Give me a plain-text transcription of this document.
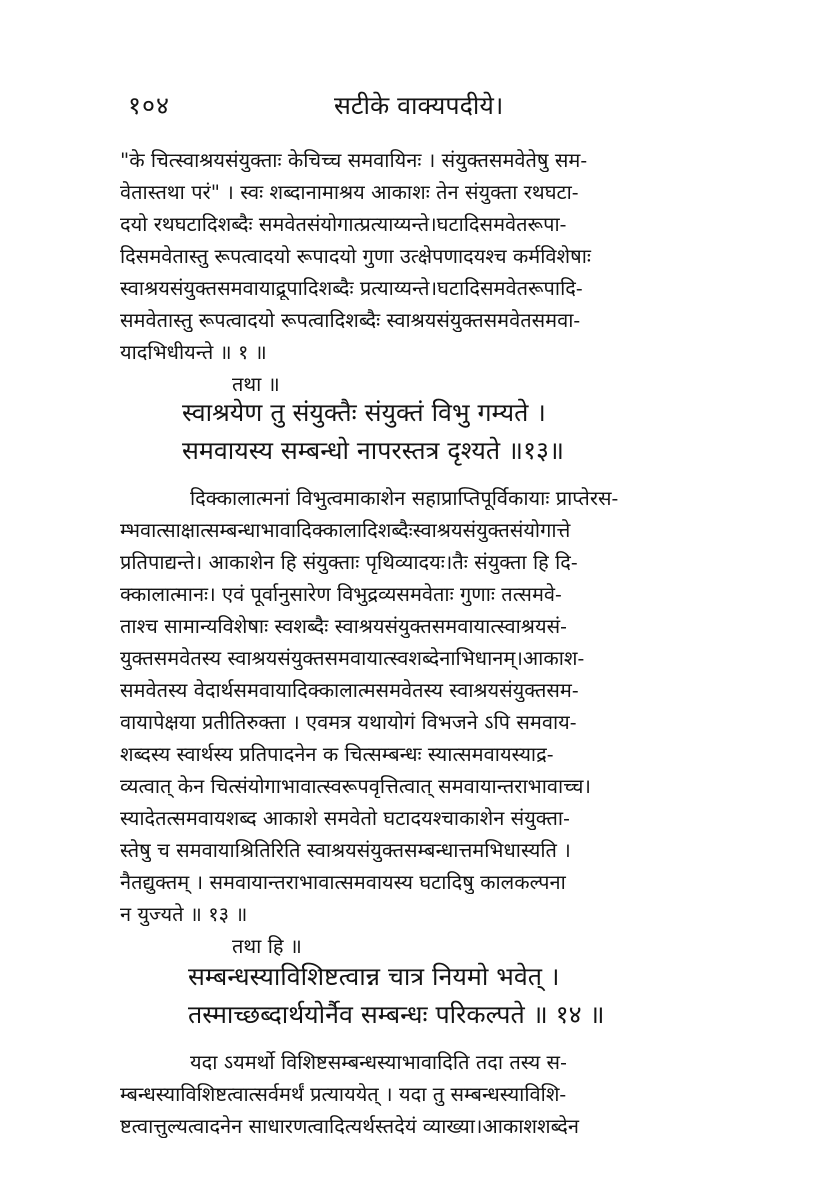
१०४	सटीके वाक्यपदीये।
"के चित्स्वाश्रयसंयुक्ताः केचिच्च समवायिनः । संयुक्तसमवेतेषु सम-
वेतास्तथा परं" । स्वः शब्दानामाश्रय आकाशः तेन संयुक्ता रथघटा-
दयो रथघटादिशब्दैः समवेतसंयोगात्प्रत्याय्यन्ते।घटादिसमवेतरूपा-
दिसमवेतास्तु रूपत्वादयो रूपादयो गुणा उत्क्षेपणादयश्च कर्मविशेषाः
स्वाश्रयसंयुक्तसमवायाद्रूपादिशब्दैः प्रत्याय्यन्ते।घटादिसमवेतरूपादि-
समवेतास्तु रूपत्वादयो रूपत्वादिशब्दैः स्वाश्रयसंयुक्तसमवेतसमवा-
यादभिधीयन्ते ॥ १ ॥
तथा ॥
स्वाश्रयेण तु संयुक्तैः संयुक्तं विभु गम्यते ।
समवायस्य सम्बन्धो नापरस्तत्र दृश्यते ॥१३॥
दिक्कालात्मनां विभुत्वमाकाशेन सहाप्राप्तिपूर्विकायाः प्राप्तेरस-
म्भवात्साक्षात्सम्बन्धाभावादिक्कालादिशब्दैःस्वाश्रयसंयुक्तसंयोगात्ते
प्रतिपाद्यन्ते। आकाशेन हि संयुक्ताः पृथिव्यादयः।तैः संयुक्ता हि दि-
क्कालात्मानः। एवं पूर्वानुसारेण विभुद्रव्यसमवेताः गुणाः तत्समवे-
ताश्च सामान्यविशेषाः स्वशब्दैः स्वाश्रयसंयुक्तसमवायात्स्वाश्रयसं-
युक्तसमवेतस्य स्वाश्रयसंयुक्तसमवायात्स्वशब्देनाभिधानम्।आकाश-
समवेतस्य वेदार्थसमवायादिक्कालात्मसमवेतस्य स्वाश्रयसंयुक्तसम-
वायापेक्षया प्रतीतिरुक्ता । एवमत्र यथायोगं विभजने ऽपि समवाय-
शब्दस्य स्वार्थस्य प्रतिपादनेन क चित्सम्बन्धः स्यात्समवायस्याद्र-
व्यत्वात् केन चित्संयोगाभावात्स्वरूपवृत्तित्वात् समवायान्तराभावाच्च।
स्यादेतत्समवायशब्द आकाशे समवेतो घटादयश्चाकाशेन संयुक्ता-
स्तेषु च समवायाश्रितिरिति स्वाश्रयसंयुक्तसम्बन्धात्तमभिधास्यति ।
नैतद्युक्तम् । समवायान्तराभावात्समवायस्य घटादिषु कालकल्पना
न युज्यते ॥ १३ ॥
तथा हि ॥
सम्बन्धस्याविशिष्टत्वान्न चात्र नियमो भवेत् ।
तस्माच्छब्दार्थयोर्नैव सम्बन्धः परिकल्पते ॥ १४ ॥
यदा ऽयमर्थो विशिष्टसम्बन्धस्याभावादिति तदा तस्य स-
म्बन्धस्याविशिष्टत्वात्सर्वमर्थं प्रत्याययेत् । यदा तु सम्बन्धस्याविशि-
ष्टत्वात्तुल्यत्वादनेन साधारणत्वादित्यर्थस्तदेयं व्याख्या।आकाशशब्देन
